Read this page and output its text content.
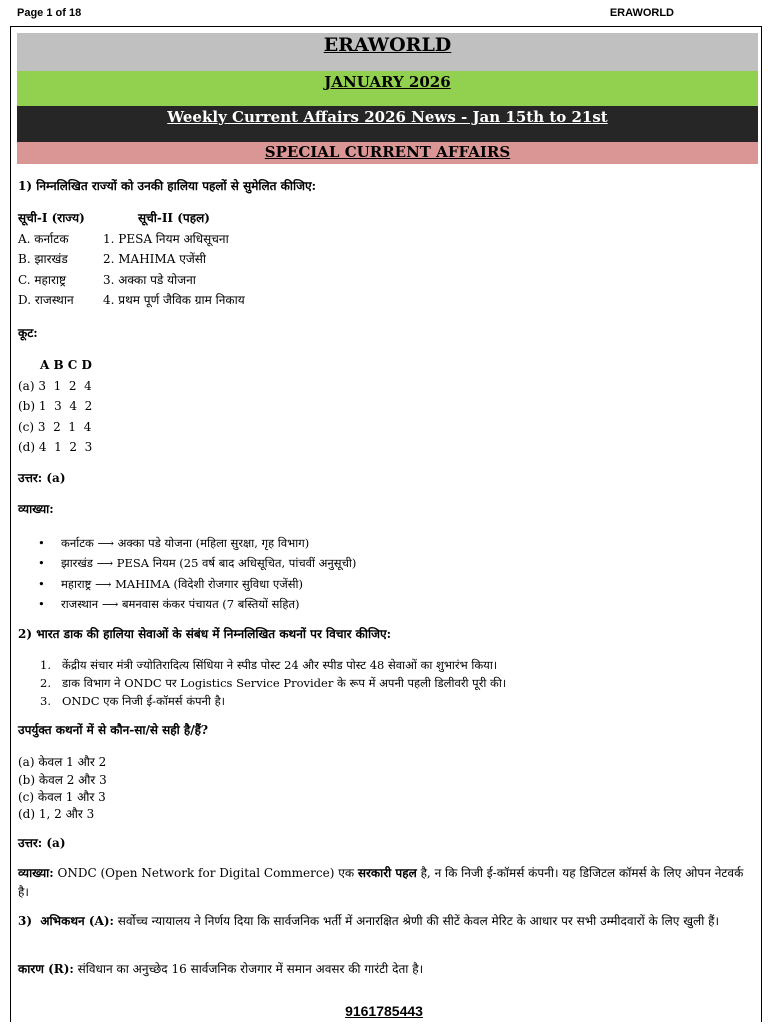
Page 1 of 18	ERAWORLD
ERAWORLD
JANUARY 2026
Weekly Current Affairs 2026 News - Jan 15th to 21st
SPECIAL CURRENT AFFAIRS
1) निम्नलिखित राज्यों को उनकी हालिया पहलों से सुमेलित कीजिए:
सूची-I (राज्य)	सूची-II (पहल)
A. कर्नाटक	1. PESA नियम अधिसूचना
B. झारखंड	2. MAHIMA एजेंसी
C. महाराष्ट्र	3. अक्का पडे योजना
D. राजस्थान 4. प्रथम पूर्ण जैविक ग्राम निकाय
कूट:
A B C D
(a) 3  1  2  4
(b) 1  3  4  2
(c) 3  2  1  4
(d) 4  1  2  3
उत्तर: (a)
व्याख्या:
• कर्नाटक ⟶ अक्का पडे योजना (महिला सुरक्षा, गृह विभाग)
• झारखंड ⟶ PESA नियम (25 वर्ष बाद अधिसूचित, पांचवीं अनुसूची)
• महाराष्ट्र ⟶ MAHIMA (विदेशी रोजगार सुविधा एजेंसी)
• राजस्थान ⟶ बमनवास कंकर पंचायत (7 बस्तियों सहित)
2) भारत डाक की हालिया सेवाओं के संबंध में निम्नलिखित कथनों पर विचार कीजिए:
1. केंद्रीय संचार मंत्री ज्योतिरादित्य सिंधिया ने स्पीड पोस्ट 24 और स्पीड पोस्ट 48 सेवाओं का शुभारंभ किया।
2. डाक विभाग ने ONDC पर Logistics Service Provider के रूप में अपनी पहली डिलीवरी पूरी की।
3. ONDC एक निजी ई-कॉमर्स कंपनी है।
उपर्युक्त कथनों में से कौन-सा/से सही है/हैं?
(a) केवल 1 और 2
(b) केवल 2 और 3
(c) केवल 1 और 3
(d) 1, 2 और 3
उत्तर: (a)
व्याख्या: ONDC (Open Network for Digital Commerce) एक सरकारी पहल है, न कि निजी ई-कॉमर्स कंपनी। यह डिजिटल कॉमर्स के लिए ओपन नेटवर्क है।
3)  अभिकथन (A): सर्वोच्च न्यायालय ने निर्णय दिया कि सार्वजनिक भर्ती में अनारक्षित श्रेणी की सीटें केवल मेरिट के आधार पर सभी उम्मीदवारों के लिए खुली हैं।
कारण (R): संविधान का अनुच्छेद 16 सार्वजनिक रोजगार में समान अवसर की गारंटी देता है।
9161785443
